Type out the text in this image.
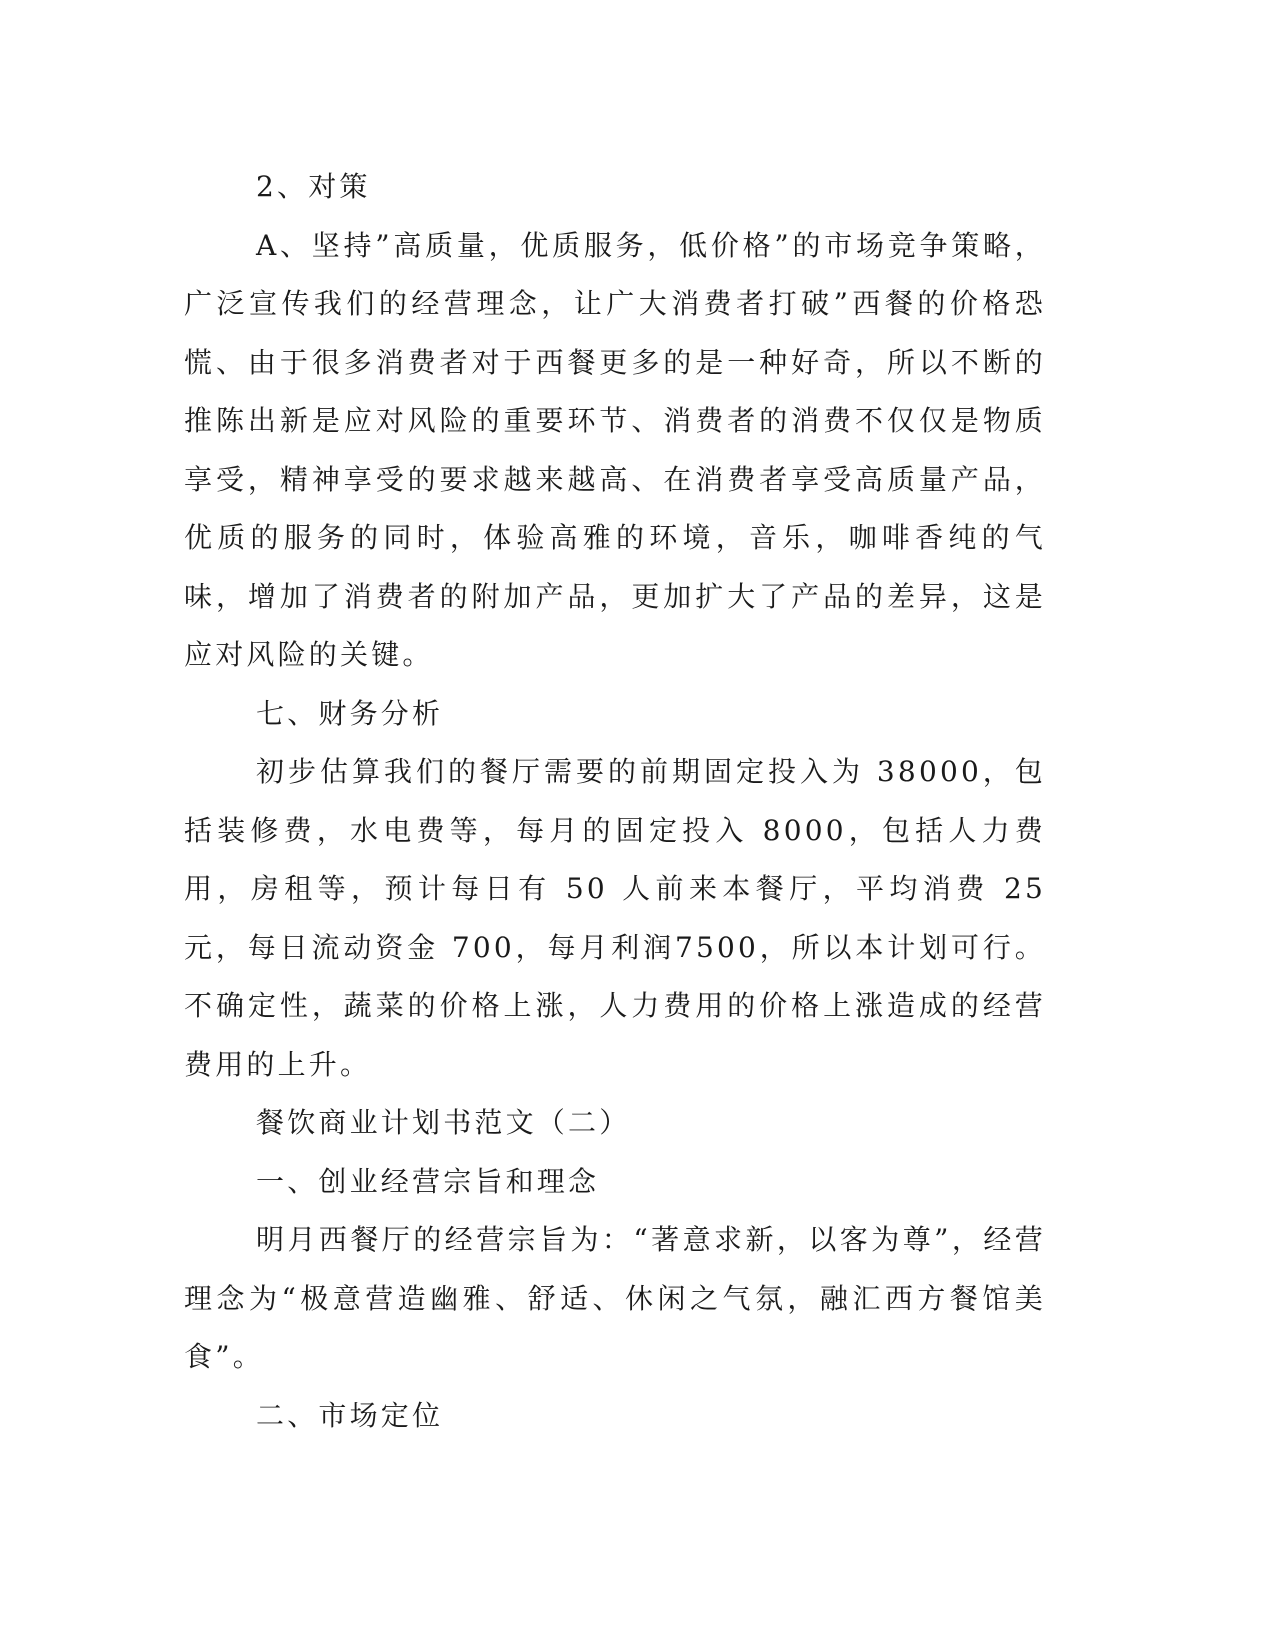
2、对策

A、坚持”高质量，优质服务，低价格”的市场竞争策略，广泛宣传我们的经营理念，让广大消费者打破”西餐的价格恐慌、由于很多消费者对于西餐更多的是一种好奇，所以不断的推陈出新是应对风险的重要环节、消费者的消费不仅仅是物质享受，精神享受的要求越来越高、在消费者享受高质量产品，优质的服务的同时，体验高雅的环境，音乐，咖啡香纯的气味，增加了消费者的附加产品，更加扩大了产品的差异，这是应对风险的关键。

七、财务分析

初步估算我们的餐厅需要的前期固定投入为 38000，包括装修费，水电费等，每月的固定投入 8000，包括人力费用，房租等，预计每日有 50 人前来本餐厅，平均消费 25 元，每日流动资金 700，每月利润7500，所以本计划可行。不确定性，蔬菜的价格上涨，人力费用的价格上涨造成的经营费用的上升。

餐饮商业计划书范文（二）

一、创业经营宗旨和理念

明月西餐厅的经营宗旨为：“著意求新，以客为尊”，经营理念为“极意营造幽雅、舒适、休闲之气氛，融汇西方餐馆美食”。

二、市场定位
